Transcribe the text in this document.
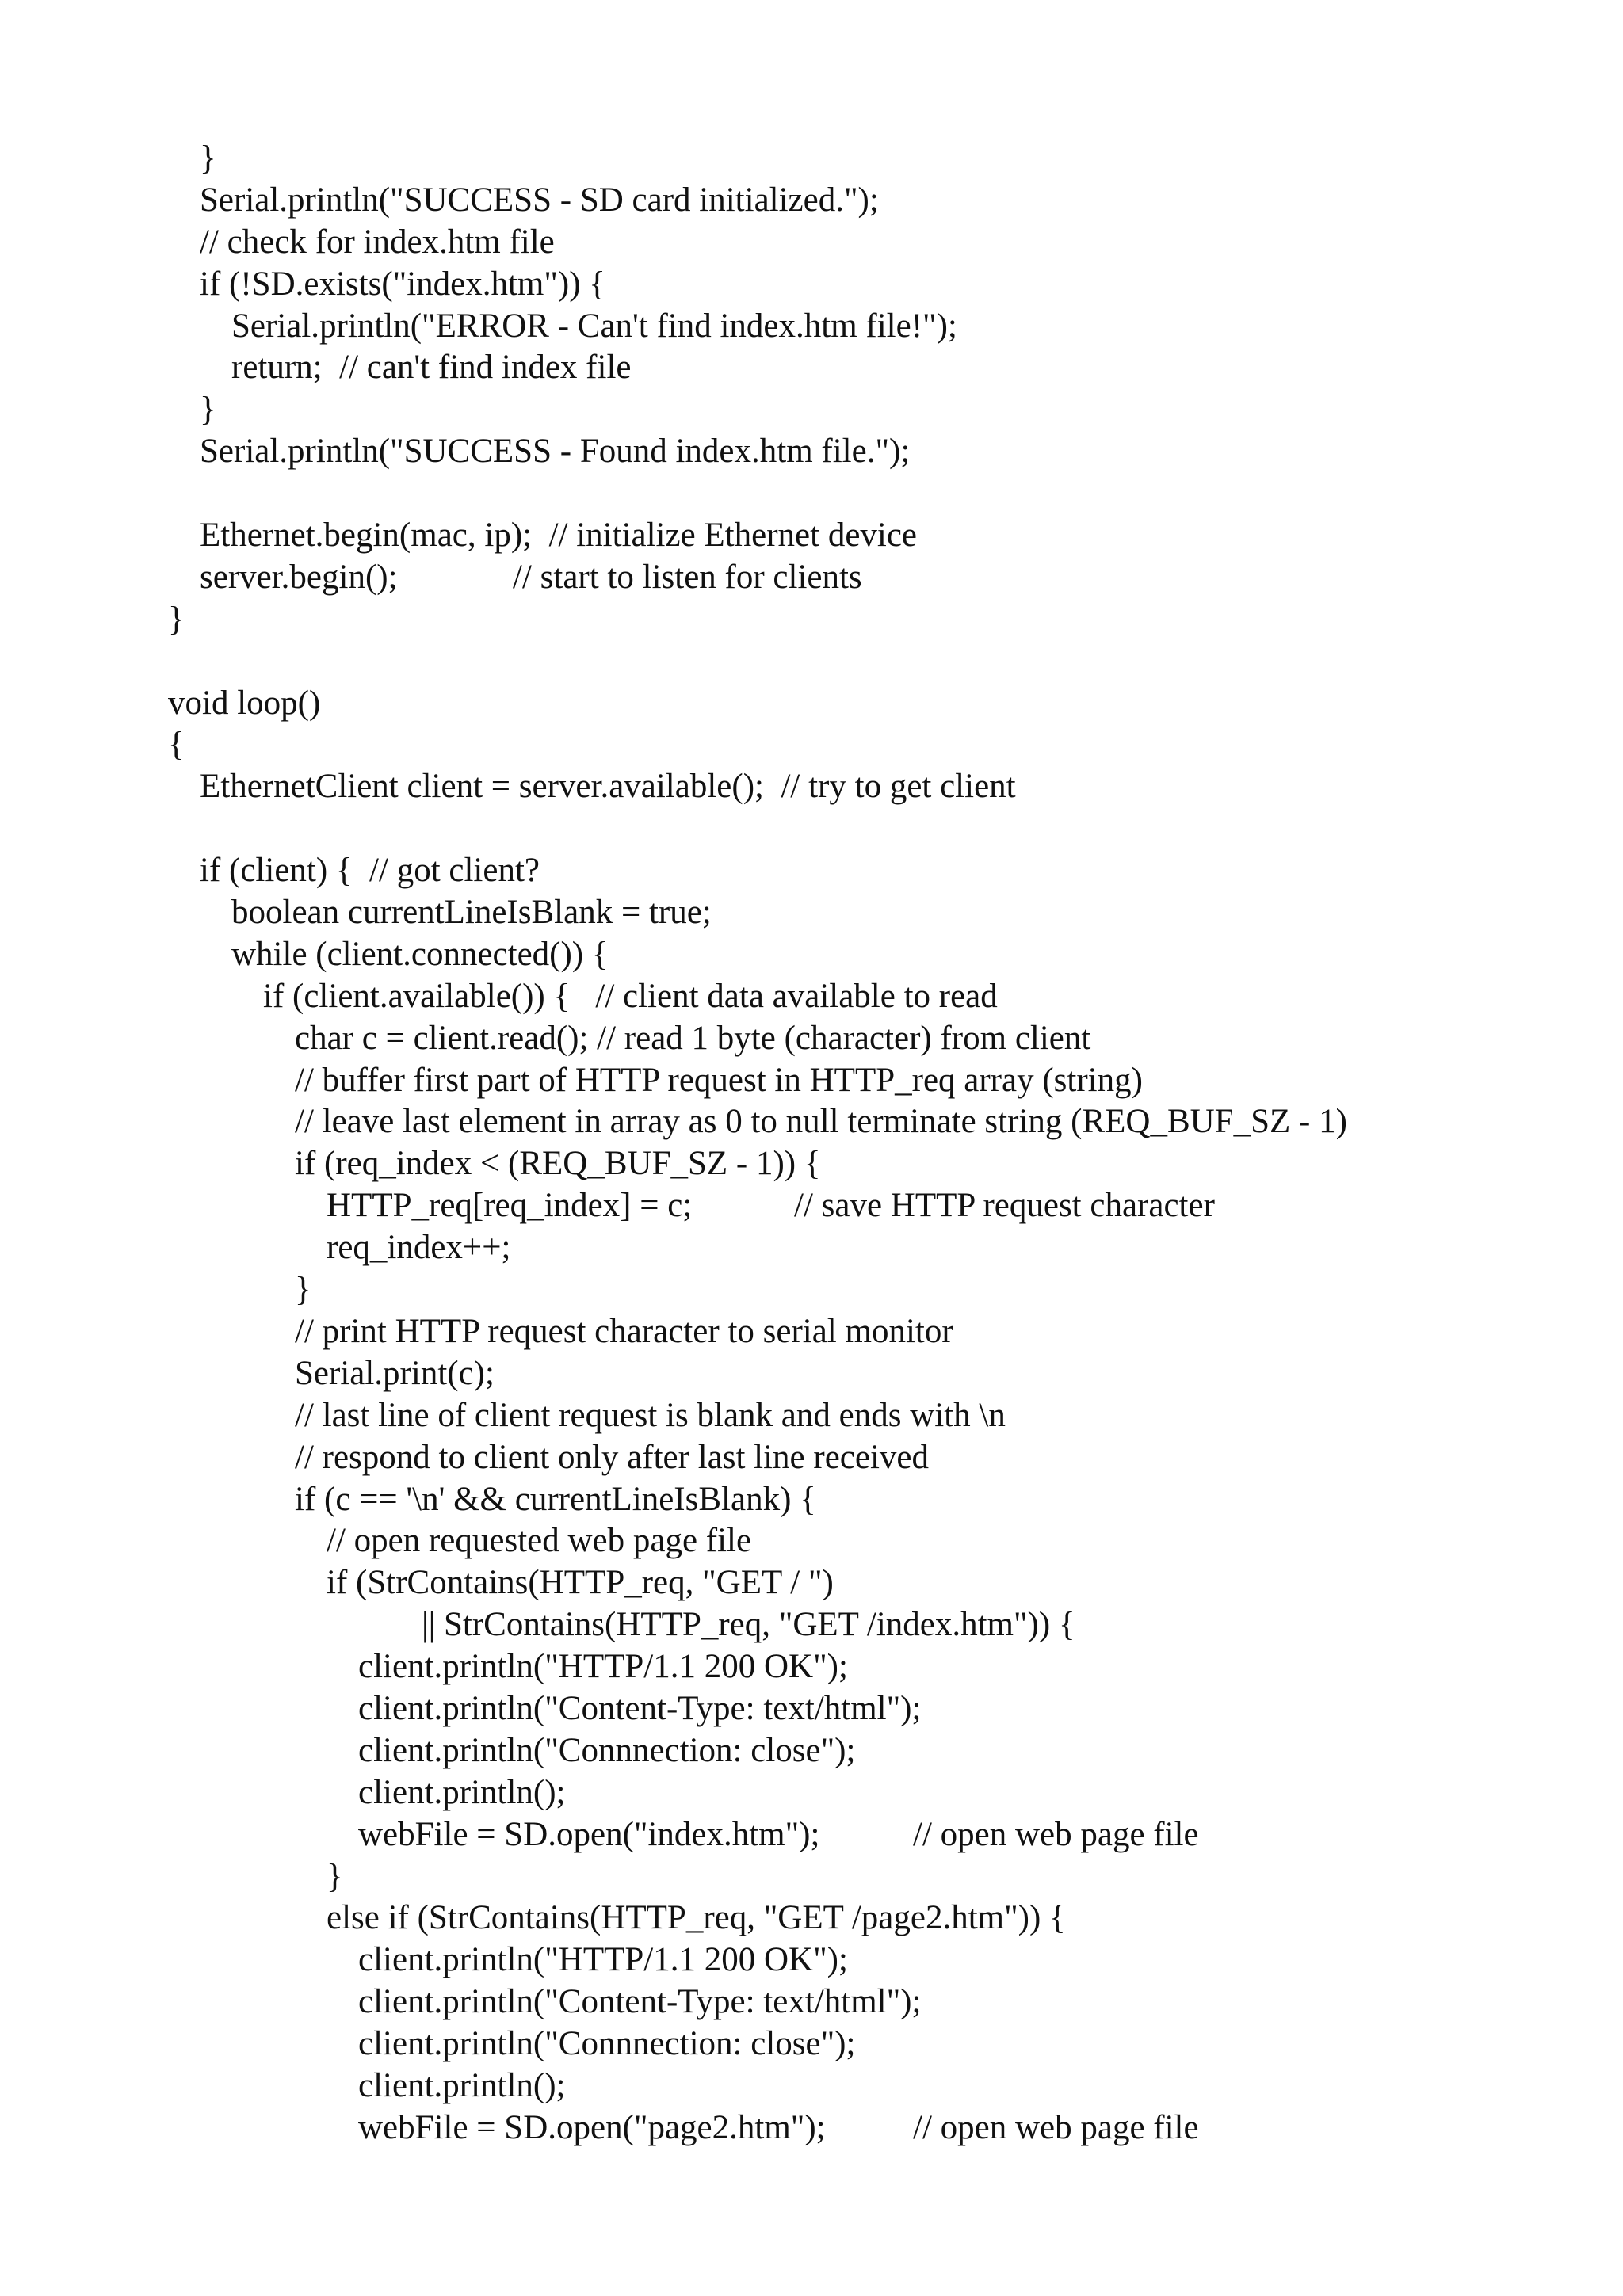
}
Serial.println("SUCCESS - SD card initialized.");
// check for index.htm file
if (!SD.exists("index.htm")) {
Serial.println("ERROR - Can't find index.htm file!");
return;  // can't find index file
}
Serial.println("SUCCESS - Found index.htm file.");
Ethernet.begin(mac, ip);  // initialize Ethernet device
server.begin();	// start to listen for clients
}
void loop()
{
EthernetClient client = server.available();  // try to get client
if (client) {  // got client?
boolean currentLineIsBlank = true;
while (client.connected()) {
if (client.available()) {   // client data available to read
char c = client.read(); // read 1 byte (character) from client
// buffer first part of HTTP request in HTTP_req array (string)
// leave last element in array as 0 to null terminate string (REQ_BUF_SZ - 1)
if (req_index < (REQ_BUF_SZ - 1)) {
HTTP_req[req_index] = c;	// save HTTP request character
req_index++;
}
// print HTTP request character to serial monitor
Serial.print(c);
// last line of client request is blank and ends with \n
// respond to client only after last line received
if (c == '\n' && currentLineIsBlank) {
// open requested web page file
if (StrContains(HTTP_req, "GET / ")
|| StrContains(HTTP_req, "GET /index.htm")) {
client.println("HTTP/1.1 200 OK");
client.println("Content-Type: text/html");
client.println("Connnection: close");
client.println();
webFile = SD.open("index.htm");	// open web page file
}
else if (StrContains(HTTP_req, "GET /page2.htm")) {
client.println("HTTP/1.1 200 OK");
client.println("Content-Type: text/html");
client.println("Connnection: close");
client.println();
webFile = SD.open("page2.htm");	// open web page file
